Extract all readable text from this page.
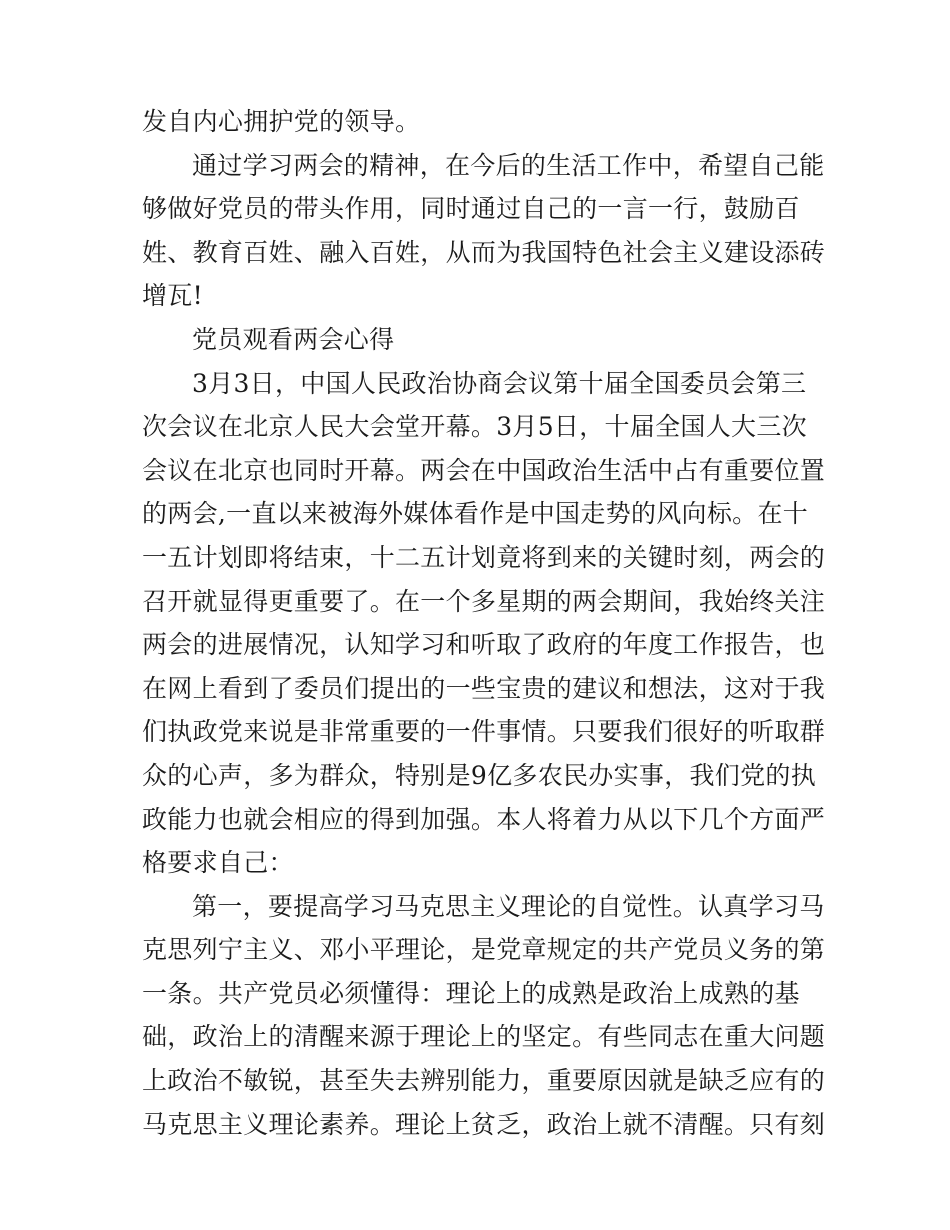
发自内心拥护党的领导。
通过学习两会的精神，在今后的生活工作中，希望自己能
够做好党员的带头作用，同时通过自己的一言一行，鼓励百
姓、教育百姓、融入百姓，从而为我国特色社会主义建设添砖
增瓦!
党员观看两会心得
3月3日，中国人民政治协商会议第十届全国委员会第三
次会议在北京人民大会堂开幕。3月5日，十届全国人大三次
会议在北京也同时开幕。两会在中国政治生活中占有重要位置
的两会,一直以来被海外媒体看作是中国走势的风向标。在十
一五计划即将结束，十二五计划竟将到来的关键时刻，两会的
召开就显得更重要了。在一个多星期的两会期间，我始终关注
两会的进展情况，认知学习和听取了政府的年度工作报告，也
在网上看到了委员们提出的一些宝贵的建议和想法，这对于我
们执政党来说是非常重要的一件事情。只要我们很好的听取群
众的心声，多为群众，特别是9亿多农民办实事，我们党的执
政能力也就会相应的得到加强。本人将着力从以下几个方面严
格要求自己：
第一，要提高学习马克思主义理论的自觉性。认真学习马
克思列宁主义、邓小平理论，是党章规定的共产党员义务的第
一条。共产党员必须懂得：理论上的成熟是政治上成熟的基
础，政治上的清醒来源于理论上的坚定。有些同志在重大问题
上政治不敏锐，甚至失去辨别能力，重要原因就是缺乏应有的
马克思主义理论素养。理论上贫乏，政治上就不清醒。只有刻
